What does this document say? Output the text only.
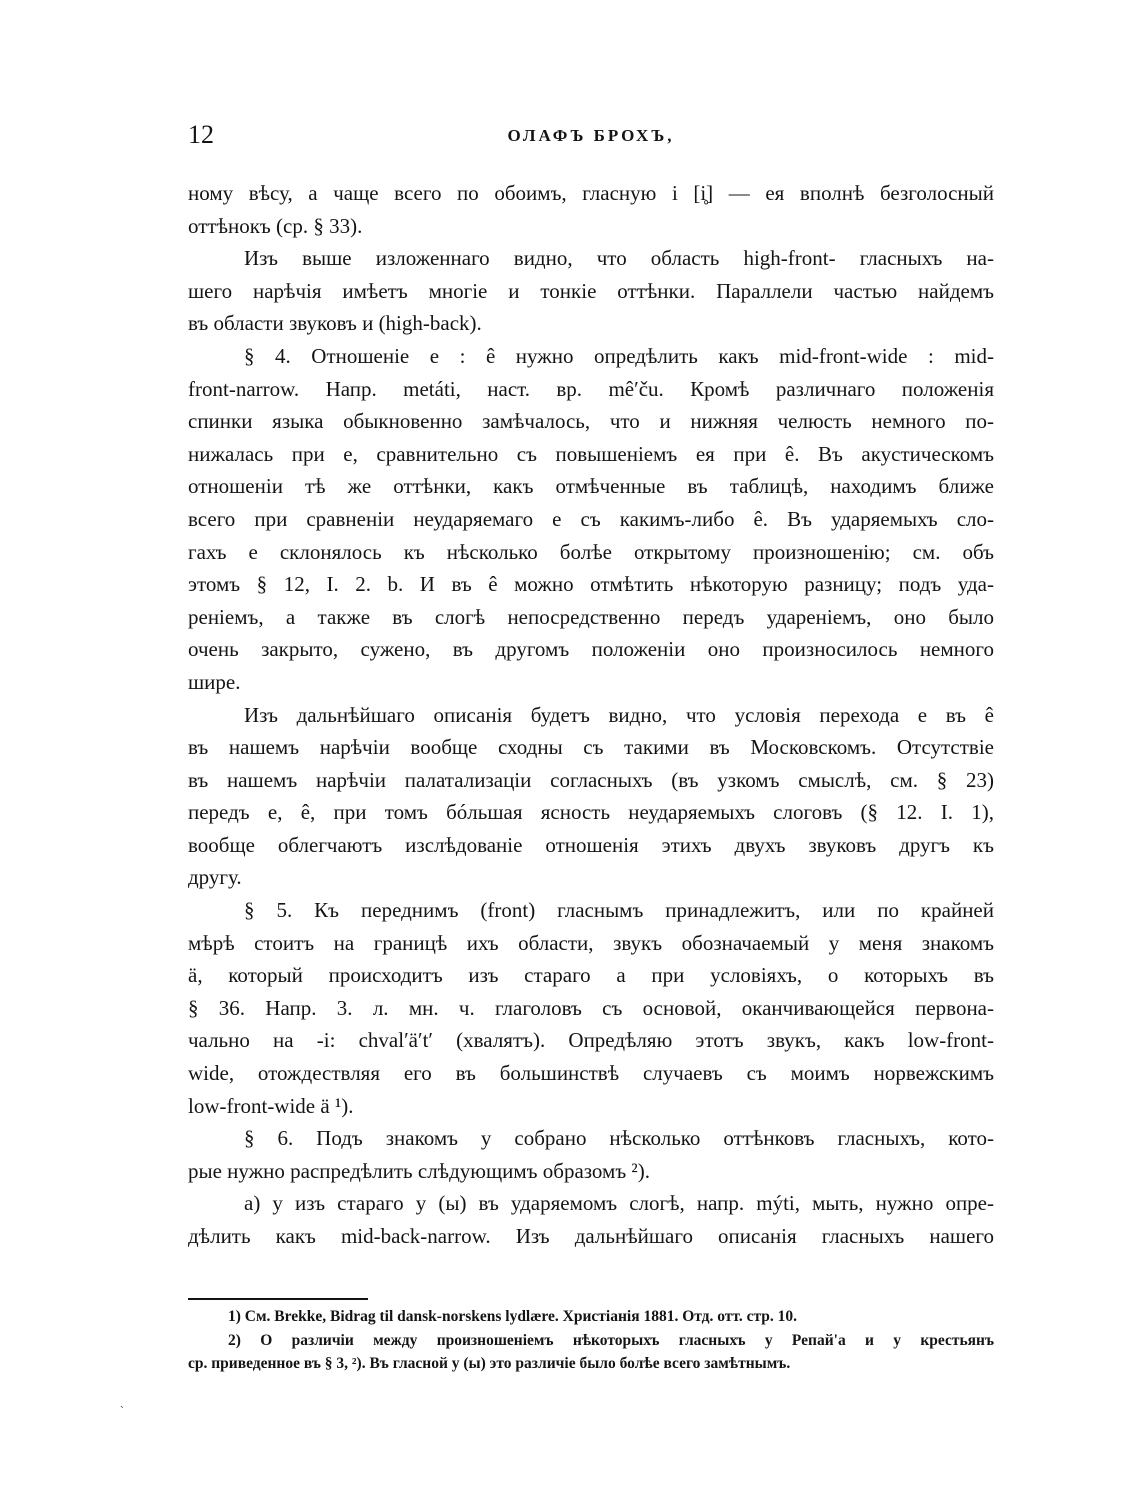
12	ОЛАФЪ БРОХЪ,
ному вѣсу, а чаще всего по обоимъ, гласную і [i̥] — ея вполнѣ безголосный
оттѣнокъ (ср. § 33).
Изъ выше изложеннаго видно, что область high-front- гласныхъ на-
шего нарѣчія имѣетъ многіе и тонкіе оттѣнки. Параллели частью найдемъ
въ области звуковъ и (high-back).
§ 4. Отношеніе е : ê нужно опредѣлить какъ mid-front-wide : mid-
front-narrow. Напр. metáti, наст. вр. mê′ču. Кромѣ различнаго положенія
спинки языка обыкновенно замѣчалось, что и нижняя челюсть немного по-
нижалась при е, сравнительно съ повышеніемъ ея при ê. Въ акустическомъ
отношеніи тѣ же оттѣнки, какъ отмѣченные въ таблицѣ, находимъ ближе
всего при сравненіи неударяемаго е съ какимъ-либо ê. Въ ударяемыхъ сло-
гахъ е склонялось къ нѣсколько болѣе открытому произношенію; см. объ
этомъ § 12, I. 2. b. И въ ê можно отмѣтить нѣкоторую разницу; подъ уда-
реніемъ, а также въ слогѣ непосредственно передъ удареніемъ, оно было
очень закрыто, сужено, въ другомъ положеніи оно произносилось немного
шире.
Изъ дальнѣйшаго описанія будетъ видно, что условія перехода е въ ê
въ нашемъ нарѣчіи вообще сходны съ такими въ Московскомъ. Отсутствіе
въ нашемъ нарѣчіи палатализаціи согласныхъ (въ узкомъ смыслѣ, см. § 23)
передъ е, ê, при томъ бóльшая ясность неударяемыхъ слоговъ (§ 12. I. 1),
вообще облегчаютъ изслѣдованіе отношенія этихъ двухъ звуковъ другъ къ
другу.
§ 5. Къ переднимъ (front) гласнымъ принадлежитъ, или по крайней
мѣрѣ стоитъ на границѣ ихъ области, звукъ обозначаемый у меня знакомъ
ä, который происходитъ изъ стараго а при условіяхъ, о которыхъ въ
§ 36. Напр. 3. л. мн. ч. глаголовъ съ основой, оканчивающейся первона-
чально на -і: chval′ä′t′ (хвалятъ). Опредѣляю этотъ звукъ, какъ low-front-
wide, отождествляя его въ большинствѣ случаевъ съ моимъ норвежскимъ
low-front-wide ä ¹).
§ 6. Подъ знакомъ у собрано нѣсколько оттѣнковъ гласныхъ, кото-
рые нужно распредѣлить слѣдующимъ образомъ ²).
а) у изъ стараго у (ы) въ ударяемомъ слогѣ, напр. mýti, мыть, нужно опре-
дѣлить какъ mid-back-narrow. Изъ дальнѣйшаго описанія гласныхъ нашего
1) См. Brekke, Bidrag til dansk-norskens lydlære. Христіанія 1881. Отд. отт. стр. 10.
2) О различіи между произношеніемъ нѣкоторыхъ гласныхъ у Репай'а и у крестьянъ
ср. приведенное въ § 3, ²). Въ гласной у (ы) это различіе было болѣе всего замѣтнымъ.
˴
